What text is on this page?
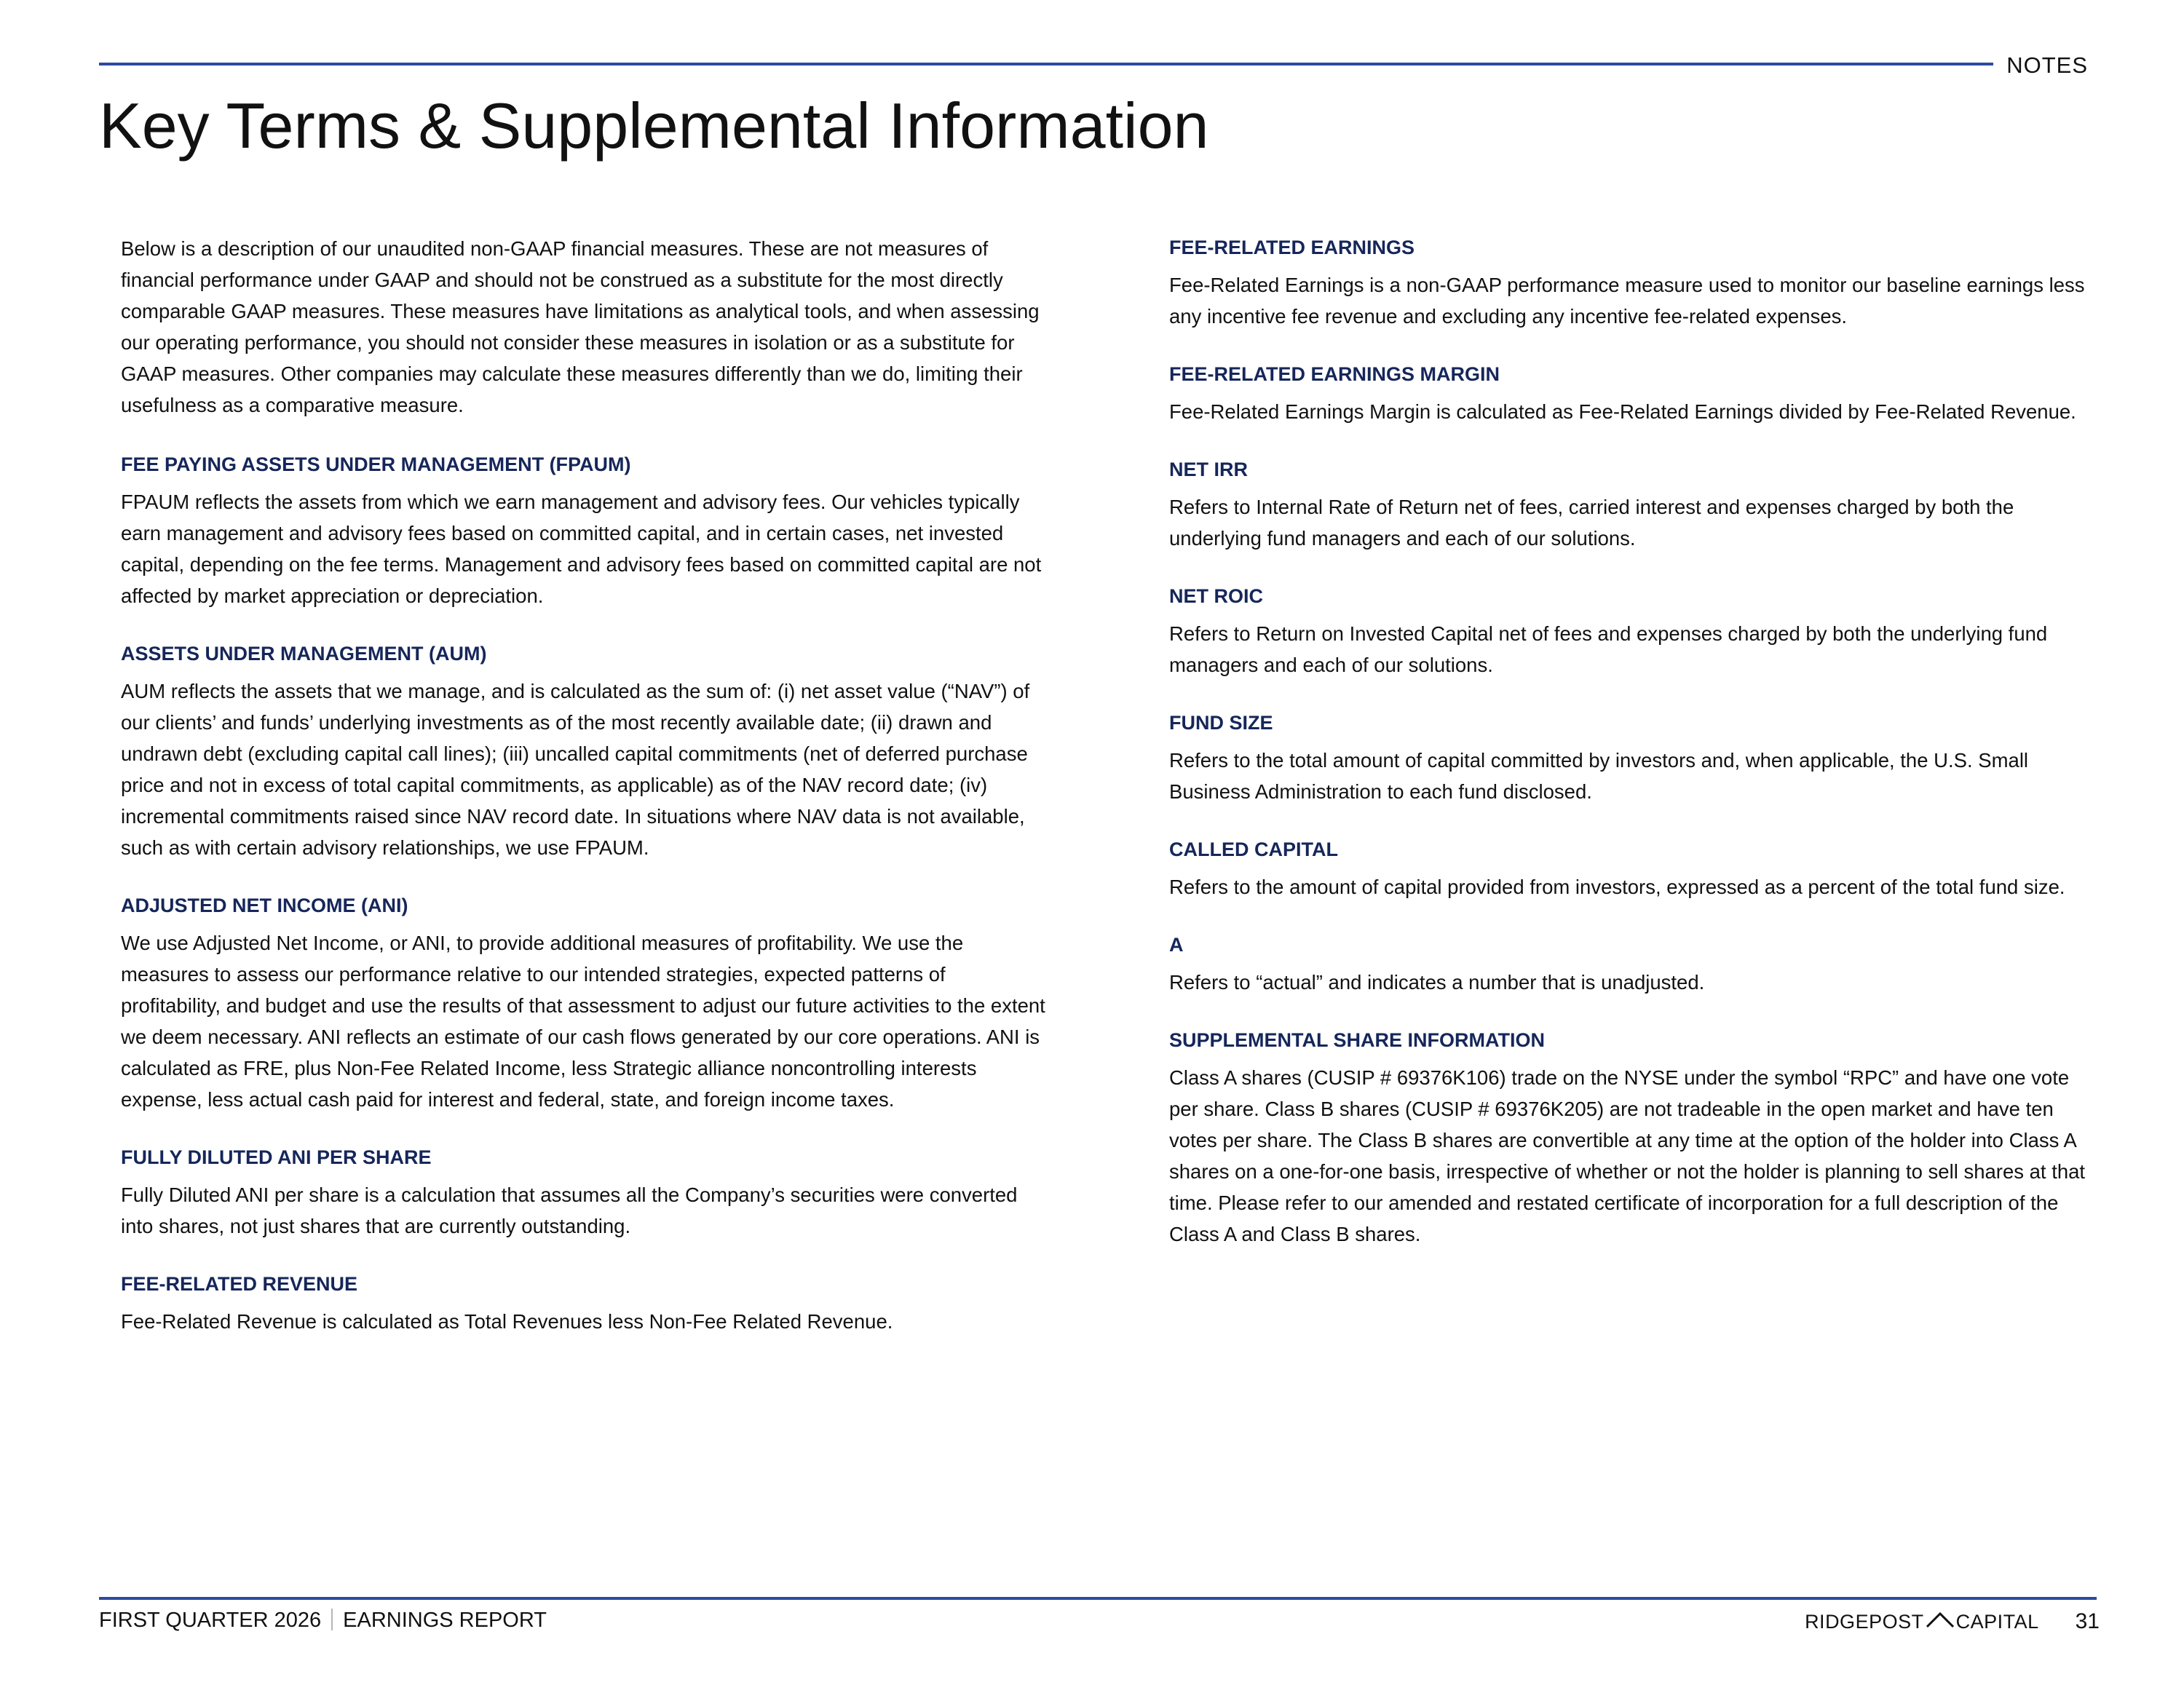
NOTES
Key Terms & Supplemental Information

Below is a description of our unaudited non-GAAP financial measures. These are not measures of financial performance under GAAP and should not be construed as a substitute for the most directly comparable GAAP measures. These measures have limitations as analytical tools, and when assessing our operating performance, you should not consider these measures in isolation or as a substitute for GAAP measures. Other companies may calculate these measures differently than we do, limiting their usefulness as a comparative measure.

FEE PAYING ASSETS UNDER MANAGEMENT (FPAUM)

FPAUM reflects the assets from which we earn management and advisory fees. Our vehicles typically earn management and advisory fees based on committed capital, and in certain cases, net invested capital, depending on the fee terms. Management and advisory fees based on committed capital are not affected by market appreciation or depreciation.

ASSETS UNDER MANAGEMENT (AUM)

AUM reflects the assets that we manage, and is calculated as the sum of: (i) net asset value (“NAV”) of our clients’ and funds’ underlying investments as of the most recently available date; (ii) drawn and undrawn debt (excluding capital call lines); (iii) uncalled capital commitments (net of deferred purchase price and not in excess of total capital commitments, as applicable) as of the NAV record date; (iv) incremental commitments raised since NAV record date. In situations where NAV data is not available, such as with certain advisory relationships, we use FPAUM.

ADJUSTED NET INCOME (ANI)

We use Adjusted Net Income, or ANI, to provide additional measures of profitability. We use the measures to assess our performance relative to our intended strategies, expected patterns of profitability, and budget and use the results of that assessment to adjust our future activities to the extent we deem necessary. ANI reflects an estimate of our cash flows generated by our core operations. ANI is calculated as FRE, plus Non-Fee Related Income, less Strategic alliance noncontrolling interests expense, less actual cash paid for interest and federal, state, and foreign income taxes.

FULLY DILUTED ANI PER SHARE

Fully Diluted ANI per share is a calculation that assumes all the Company’s securities were converted into shares, not just shares that are currently outstanding.

FEE-RELATED REVENUE

Fee-Related Revenue is calculated as Total Revenues less Non-Fee Related Revenue.

FEE-RELATED EARNINGS

Fee-Related Earnings is a non-GAAP performance measure used to monitor our baseline earnings less any incentive fee revenue and excluding any incentive fee-related expenses.

FEE-RELATED EARNINGS MARGIN

Fee-Related Earnings Margin is calculated as Fee-Related Earnings divided by Fee-Related Revenue.

NET IRR

Refers to Internal Rate of Return net of fees, carried interest and expenses charged by both the underlying fund managers and each of our solutions.

NET ROIC

Refers to Return on Invested Capital net of fees and expenses charged by both the underlying fund managers and each of our solutions.

FUND SIZE

Refers to the total amount of capital committed by investors and, when applicable, the U.S. Small Business Administration to each fund disclosed.

CALLED CAPITAL

Refers to the amount of capital provided from investors, expressed as a percent of the total fund size.

A

Refers to “actual” and indicates a number that is unadjusted.

SUPPLEMENTAL SHARE INFORMATION

Class A shares (CUSIP # 69376K106) trade on the NYSE under the symbol “RPC” and have one vote per share. Class B shares (CUSIP # 69376K205) are not tradeable in the open market and have ten votes per share. The Class B shares are convertible at any time at the option of the holder into Class A shares on a one-for-one basis, irrespective of whether or not the holder is planning to sell shares at that time. Please refer to our amended and restated certificate of incorporation for a full description of the Class A and Class B shares.

FIRST QUARTER 2026 EARNINGS REPORT	RIDGEPOST CAPITAL 31
